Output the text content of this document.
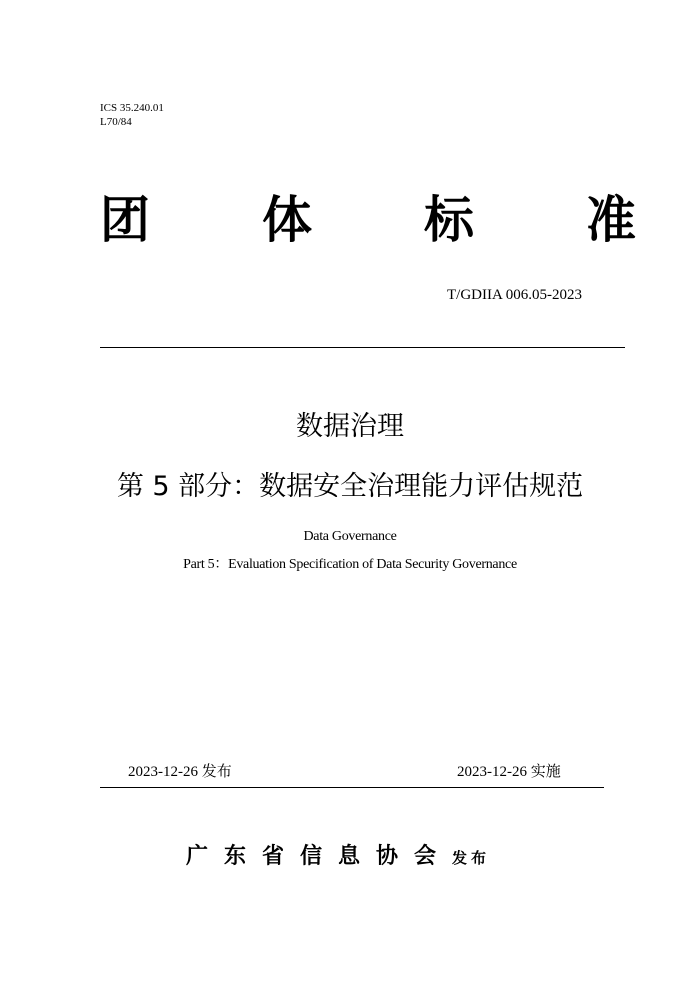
ICS 35.240.01
L70/84
团 体 标 准
T/GDIIA 006.05-2023
数据治理
第 5 部分：数据安全治理能力评估规范
Data Governance
Part 5：Evaluation Specification of Data Security Governance
2023-12-26 发布	2023-12-26 实施
广东省信息协会 发布
